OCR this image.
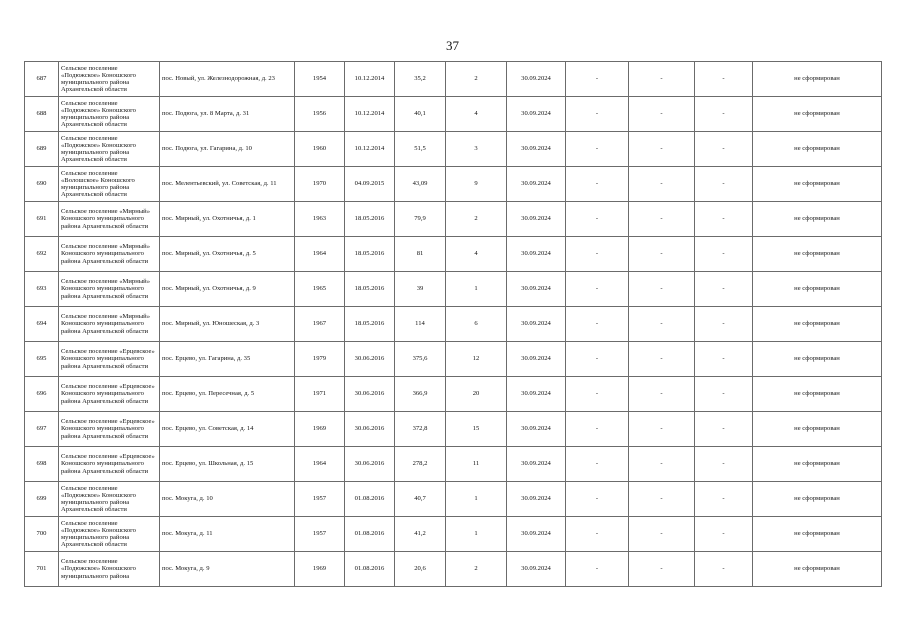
37
687	Сельское поселение «Подюжское» Коношского муниципального района Архангельской области	пос. Новый, ул. Железнодорожная, д. 23	1954	10.12.2014	35,2	2	30.09.2024	-	-	-	не сформирован
688	Сельское поселение «Подюжское» Коношского муниципального района Архангельской области	пос. Подюга, ул. 8 Марта, д. 31	1956	10.12.2014	40,1	4	30.09.2024	-	-	-	не сформирован
689	Сельское поселение «Подюжское» Коношского муниципального района Архангельской области	пос. Подюга, ул. Гагарина, д. 10	1960	10.12.2014	51,5	3	30.09.2024	-	-	-	не сформирован
690	Сельское поселение «Волошское» Коношского муниципального района Архангельской области	пос. Мелентьевский, ул. Советская, д. 11	1970	04.09.2015	43,09	9	30.09.2024	-	-	-	не сформирован
691	Сельское поселение «Мирный» Коношского муниципального района Архангельской области	пос. Мирный, ул. Охотничья, д. 1	1963	18.05.2016	79,9	2	30.09.2024	-	-	-	не сформирован
692	Сельское поселение «Мирный» Коношского муниципального района Архангельской области	пос. Мирный, ул. Охотничья, д. 5	1964	18.05.2016	81	4	30.09.2024	-	-	-	не сформирован
693	Сельское поселение «Мирный» Коношского муниципального района Архангельской области	пос. Мирный, ул. Охотничья, д. 9	1965	18.05.2016	39	1	30.09.2024	-	-	-	не сформирован
694	Сельское поселение «Мирный» Коношского муниципального района Архангельской области	пос. Мирный, ул. Юношеская, д. 3	1967	18.05.2016	114	6	30.09.2024	-	-	-	не сформирован
695	Сельское поселение «Ерцевское» Коношского муниципального района Архангельской области	пос. Ерцево, ул. Гагарина, д. 35	1979	30.06.2016	375,6	12	30.09.2024	-	-	-	не сформирован
696	Сельское поселение «Ерцевское» Коношского муниципального района Архангельской области	пос. Ерцево, ул. Пересечная, д. 5	1971	30.06.2016	366,9	20	30.09.2024	-	-	-	не сформирован
697	Сельское поселение «Ерцевское» Коношского муниципального района Архангельской области	пос. Ерцево, ул. Советская, д. 14	1969	30.06.2016	372,8	15	30.09.2024	-	-	-	не сформирован
698	Сельское поселение «Ерцевское» Коношского муниципального района Архангельской области	пос. Ерцево, ул. Школьная, д. 15	1964	30.06.2016	278,2	11	30.09.2024	-	-	-	не сформирован
699	Сельское поселение «Подюжское» Коношского муниципального района Архангельской области	пос. Мокуга, д. 10	1957	01.08.2016	40,7	1	30.09.2024	-	-	-	не сформирован
700	Сельское поселение «Подюжское» Коношского муниципального района Архангельской области	пос. Мокуга, д. 11	1957	01.08.2016	41,2	1	30.09.2024	-	-	-	не сформирован
701	Сельское поселение «Подюжское» Коношского муниципального района	пос. Мокуга, д. 9	1969	01.08.2016	20,6	2	30.09.2024	-	-	-	не сформирован
